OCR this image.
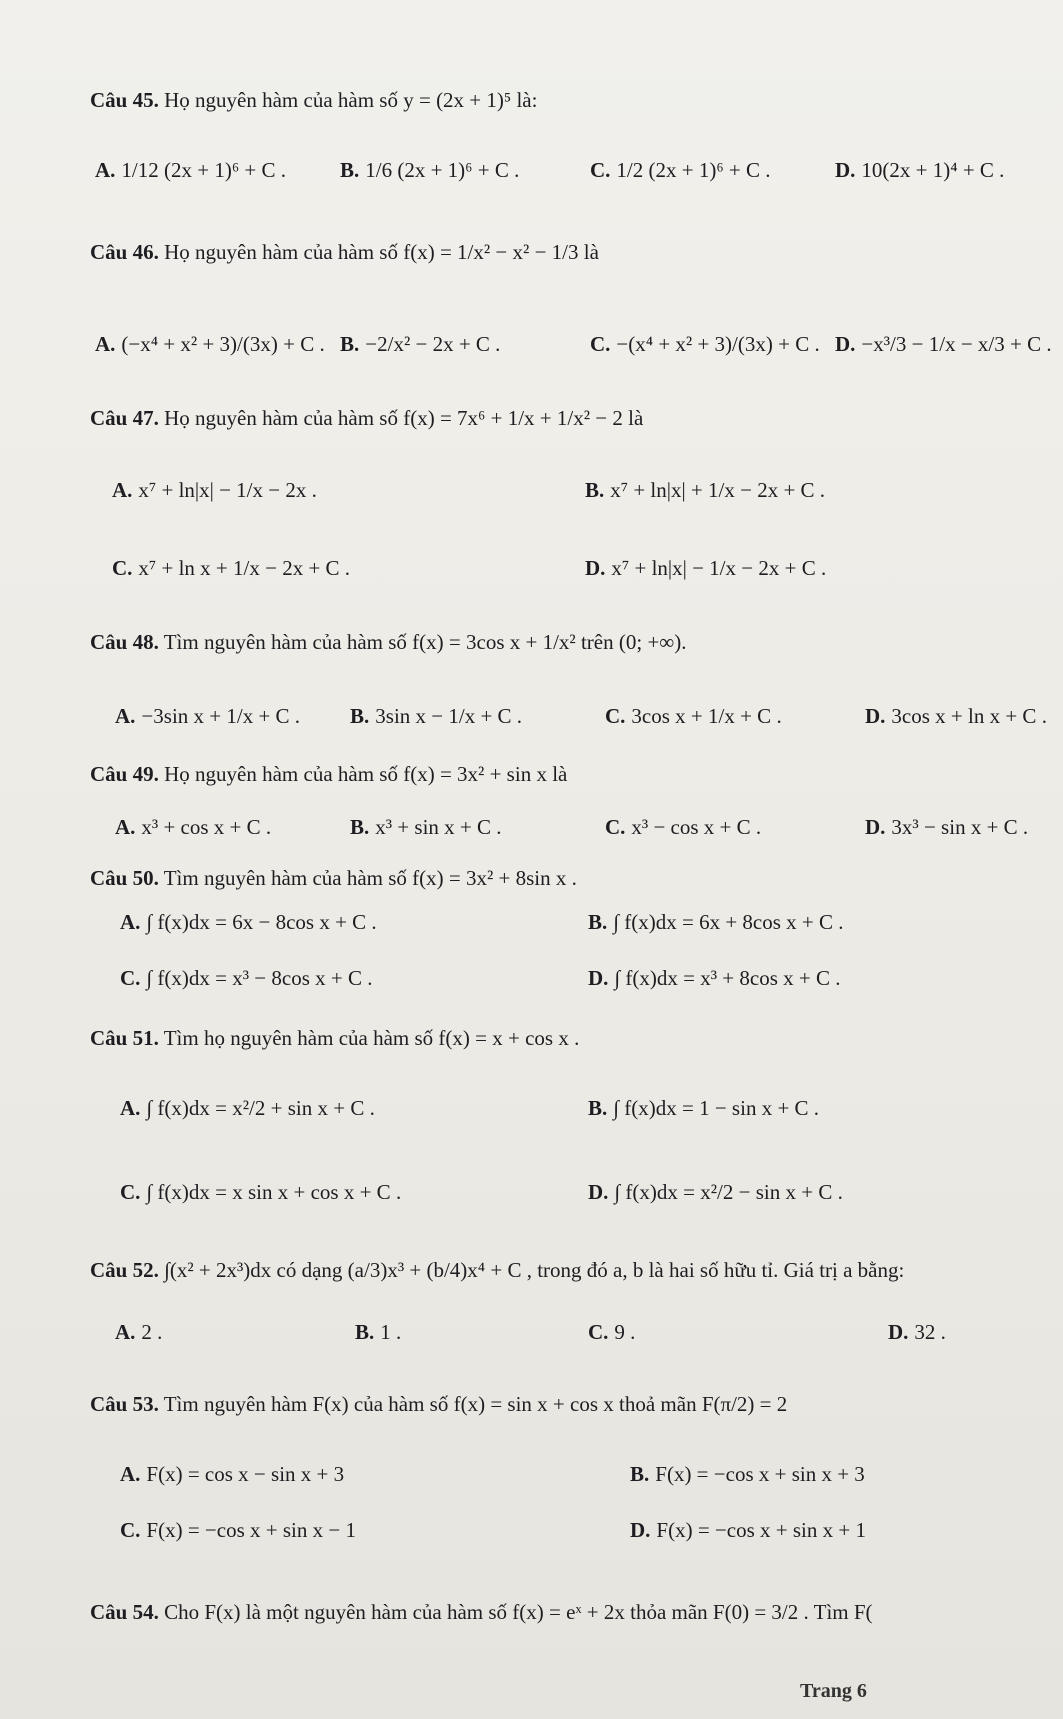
Câu 45. Họ nguyên hàm của hàm số y = (2x + 1)⁵ là:
A. 1/12 (2x + 1)⁶ + C .	B. 1/6 (2x + 1)⁶ + C .	C. 1/2 (2x + 1)⁶ + C .	D. 10(2x + 1)⁴ + C .
Câu 46. Họ nguyên hàm của hàm số f(x) = 1/x² − x² − 1/3 là
A. (−x⁴ + x² + 3)/(3x) + C . B. −2/x² − 2x + C .	C. −(x⁴ + x² + 3)/(3x) + C . D. −x³/3 − 1/x − x/3 + C .
Câu 47. Họ nguyên hàm của hàm số f(x) = 7x⁶ + 1/x + 1/x² − 2 là
A. x⁷ + ln|x| − 1/x − 2x .	B. x⁷ + ln|x| + 1/x − 2x + C .
C. x⁷ + ln x + 1/x − 2x + C .	D. x⁷ + ln|x| − 1/x − 2x + C .
Câu 48. Tìm nguyên hàm của hàm số f(x) = 3cos x + 1/x² trên (0; +∞).
A. −3sin x + 1/x + C . B. 3sin x − 1/x + C .	C. 3cos x + 1/x + C .	D. 3cos x + ln x + C .
Câu 49. Họ nguyên hàm của hàm số f(x) = 3x² + sin x là
A. x³ + cos x + C .	B. x³ + sin x + C .	C. x³ − cos x + C .	D. 3x³ − sin x + C .
Câu 50. Tìm nguyên hàm của hàm số f(x) = 3x² + 8sin x .
A. ∫ f(x)dx = 6x − 8cos x + C .	B. ∫ f(x)dx = 6x + 8cos x + C .
C. ∫ f(x)dx = x³ − 8cos x + C .	D. ∫ f(x)dx = x³ + 8cos x + C .
Câu 51. Tìm họ nguyên hàm của hàm số f(x) = x + cos x .
A. ∫ f(x)dx = x²/2 + sin x + C .	B. ∫ f(x)dx = 1 − sin x + C .
C. ∫ f(x)dx = x sin x + cos x + C .	D. ∫ f(x)dx = x²/2 − sin x + C .
Câu 52. ∫(x² + 2x³)dx có dạng (a/3)x³ + (b/4)x⁴ + C , trong đó a, b là hai số hữu tỉ. Giá trị a bằng:
A. 2 .	B. 1 .	C. 9 .	D. 32 .
Câu 53. Tìm nguyên hàm F(x) của hàm số f(x) = sin x + cos x thoả mãn F(π/2) = 2
A. F(x) = cos x − sin x + 3	B. F(x) = −cos x + sin x + 3
C. F(x) = −cos x + sin x − 1	D. F(x) = −cos x + sin x + 1
Câu 54. Cho F(x) là một nguyên hàm của hàm số f(x) = eˣ + 2x thỏa mãn F(0) = 3/2 . Tìm F(
Trang 6
